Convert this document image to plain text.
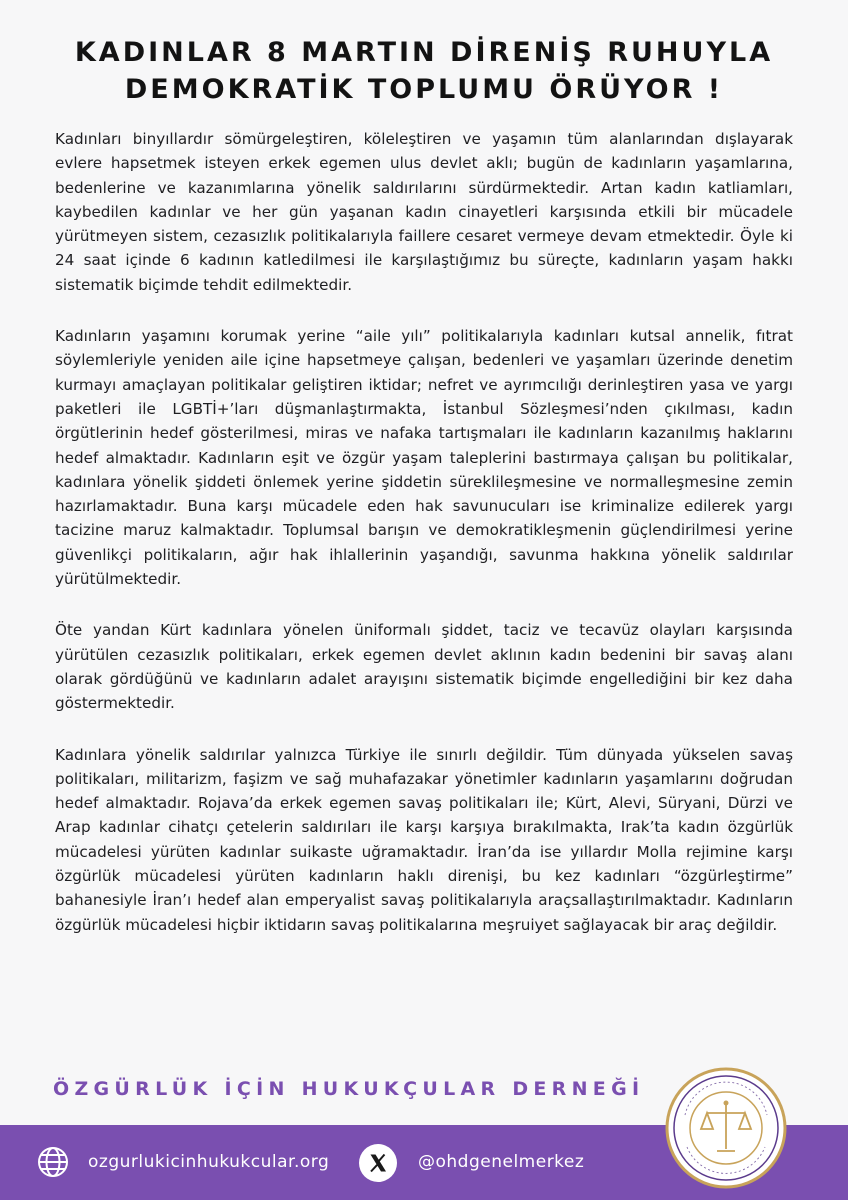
KADINLAR 8 MARTIN DİRENİŞ RUHUYLA
DEMOKRATİK TOPLUMU ÖRÜYOR !

Kadınları binyıllardır sömürgeleştiren, köleleştiren ve yaşamın tüm alanlarından dışlayarak evlere hapsetmek isteyen erkek egemen ulus devlet aklı; bugün de kadınların yaşamlarına, bedenlerine ve kazanımlarına yönelik saldırılarını sürdürmektedir. Artan kadın katliamları, kaybedilen kadınlar ve her gün yaşanan kadın cinayetleri karşısında etkili bir mücadele yürütmeyen sistem, cezasızlık politikalarıyla faillere cesaret vermeye devam etmektedir. Öyle ki 24 saat içinde 6 kadının katledilmesi ile karşılaştığımız bu süreçte, kadınların yaşam hakkı sistematik biçimde tehdit edilmektedir.

Kadınların yaşamını korumak yerine “aile yılı” politikalarıyla kadınları kutsal annelik, fıtrat söylemleriyle yeniden aile içine hapsetmeye çalışan, bedenleri ve yaşamları üzerinde denetim kurmayı amaçlayan politikalar geliştiren iktidar; nefret ve ayrımcılığı derinleştiren yasa ve yargı paketleri ile LGBTİ+’ları düşmanlaştırmakta, İstanbul Sözleşmesi’nden çıkılması, kadın örgütlerinin hedef gösterilmesi, miras ve nafaka tartışmaları ile kadınların kazanılmış haklarını hedef almaktadır. Kadınların eşit ve özgür yaşam taleplerini bastırmaya çalışan bu politikalar, kadınlara yönelik şiddeti önlemek yerine şiddetin süreklileşmesine ve normalleşmesine zemin hazırlamaktadır. Buna karşı mücadele eden hak savunucuları ise kriminalize edilerek yargı tacizine maruz kalmaktadır. Toplumsal barışın ve demokratikleşmenin güçlendirilmesi yerine güvenlikçi politikaların, ağır hak ihlallerinin yaşandığı, savunma hakkına yönelik saldırılar yürütülmektedir.

Öte yandan Kürt kadınlara yönelen üniformalı şiddet, taciz ve tecavüz olayları karşısında yürütülen cezasızlık politikaları, erkek egemen devlet aklının kadın bedenini bir savaş alanı olarak gördüğünü ve kadınların adalet arayışını sistematik biçimde engellediğini bir kez daha göstermektedir.

Kadınlara yönelik saldırılar yalnızca Türkiye ile sınırlı değildir. Tüm dünyada yükselen savaş politikaları, militarizm, faşizm ve sağ muhafazakar yönetimler kadınların yaşamlarını doğrudan hedef almaktadır. Rojava’da erkek egemen savaş politikaları ile; Kürt, Alevi, Süryani, Dürzi ve Arap kadınlar cihatçı çetelerin saldırıları ile karşı karşıya bırakılmakta, Irak’ta kadın özgürlük mücadelesi yürüten kadınlar suikaste uğramaktadır. İran’da ise yıllardır Molla rejimine karşı özgürlük mücadelesi yürüten kadınların haklı direnişi, bu kez kadınları “özgürleştirme” bahanesiyle İran’ı hedef alan emperyalist savaş politikalarıyla araçsallaştırılmaktadır. Kadınların özgürlük mücadelesi hiçbir iktidarın savaş politikalarına meşruiyet sağlayacak bir araç değildir.

ÖZGÜRLÜK İÇİN HUKUKÇULAR DERNEĞİ
ozgurlukicinhukukcular.org	@ohdgenelmerkez
